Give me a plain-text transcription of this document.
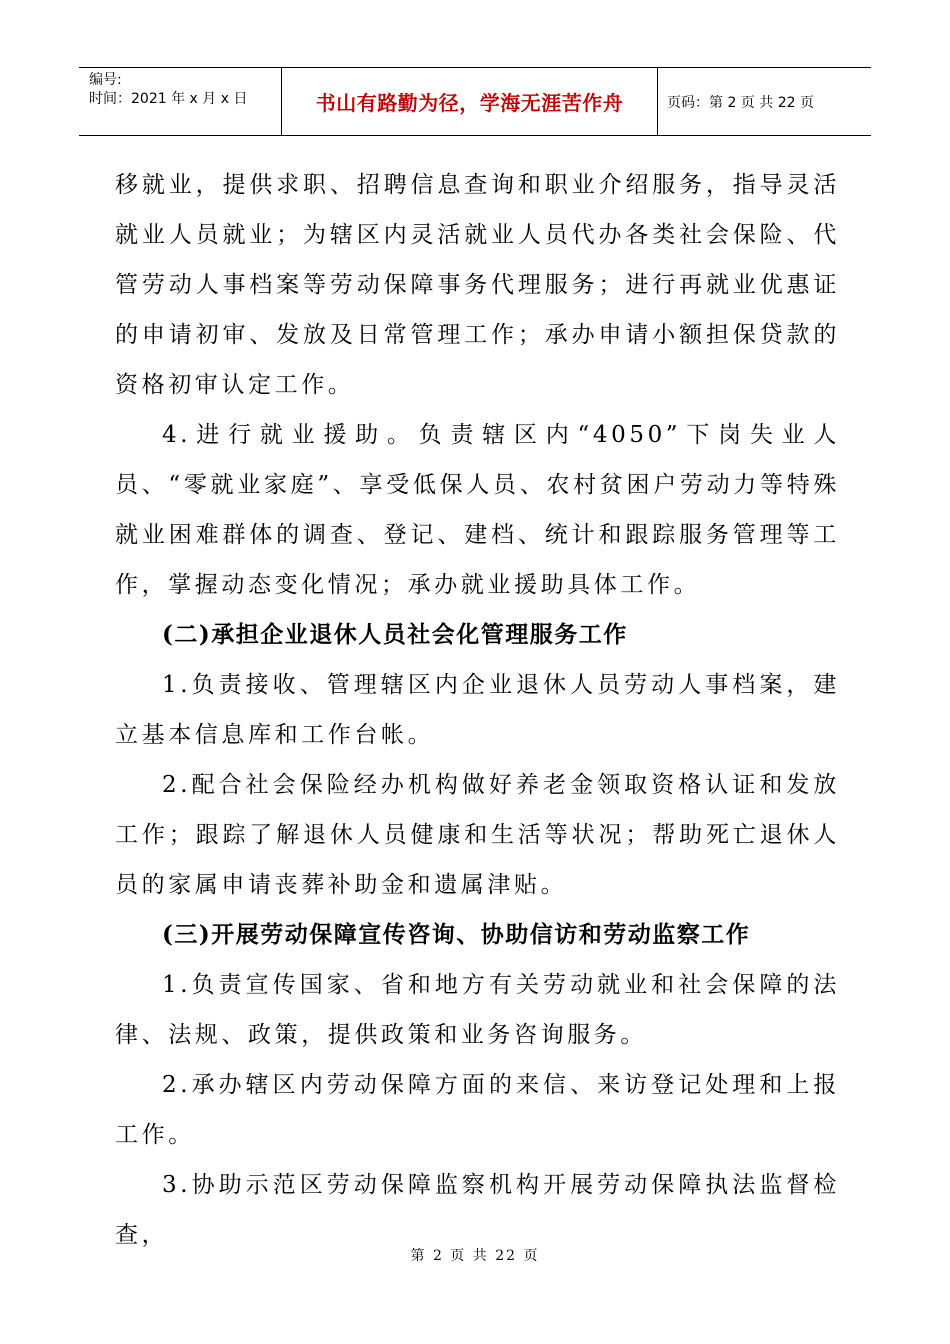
编号:
时间：2021 年 x 月 x 日	书山有路勤为径，学海无涯苦作舟	页码：第 2 页 共 22 页

移就业，提供求职、招聘信息查询和职业介绍服务，指导灵活就业人员就业；为辖区内灵活就业人员代办各类社会保险、代管劳动人事档案等劳动保障事务代理服务；进行再就业优惠证的申请初审、发放及日常管理工作；承办申请小额担保贷款的资格初审认定工作。

4.进行就业援助。负责辖区内“4050”下岗失业人员、“零就业家庭”、享受低保人员、农村贫困户劳动力等特殊就业困难群体的调查、登记、建档、统计和跟踪服务管理等工作，掌握动态变化情况；承办就业援助具体工作。

(二)承担企业退休人员社会化管理服务工作

1.负责接收、管理辖区内企业退休人员劳动人事档案，建立基本信息库和工作台帐。

2.配合社会保险经办机构做好养老金领取资格认证和发放工作；跟踪了解退休人员健康和生活等状况；帮助死亡退休人员的家属申请丧葬补助金和遗属津贴。

(三)开展劳动保障宣传咨询、协助信访和劳动监察工作

1.负责宣传国家、省和地方有关劳动就业和社会保障的法律、法规、政策，提供政策和业务咨询服务。

2.承办辖区内劳动保障方面的来信、来访登记处理和上报工作。

3.协助示范区劳动保障监察机构开展劳动保障执法监督检查，

第 2 页 共 22 页
